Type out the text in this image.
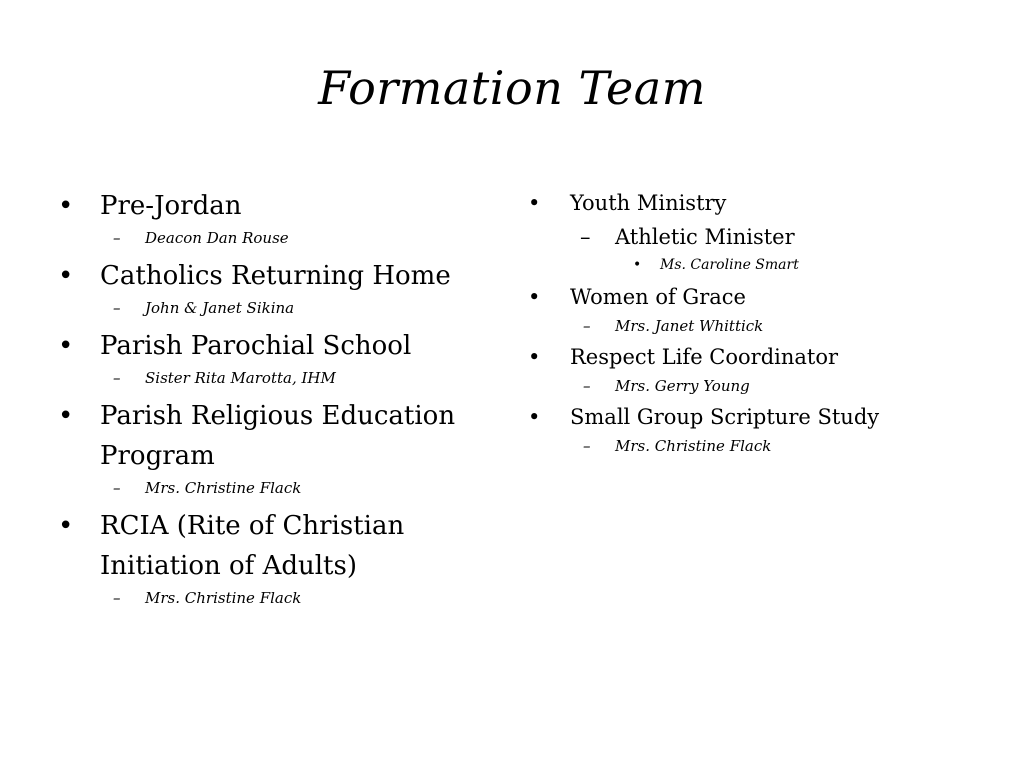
Formation Team
• Pre-Jordan
– Deacon Dan Rouse
• Catholics Returning Home
– John & Janet Sikina
• Parish Parochial School
– Sister Rita Marotta, IHM
• Parish Religious Education Program
– Mrs. Christine Flack
• RCIA (Rite of Christian Initiation of Adults)
– Mrs. Christine Flack
•	Youth Ministry
– Athletic Minister
• Ms. Caroline Smart
•	Women of Grace
– Mrs. Janet Whittick
•	Respect Life Coordinator
– Mrs. Gerry Young
•	Small Group Scripture Study
– Mrs. Christine Flack
